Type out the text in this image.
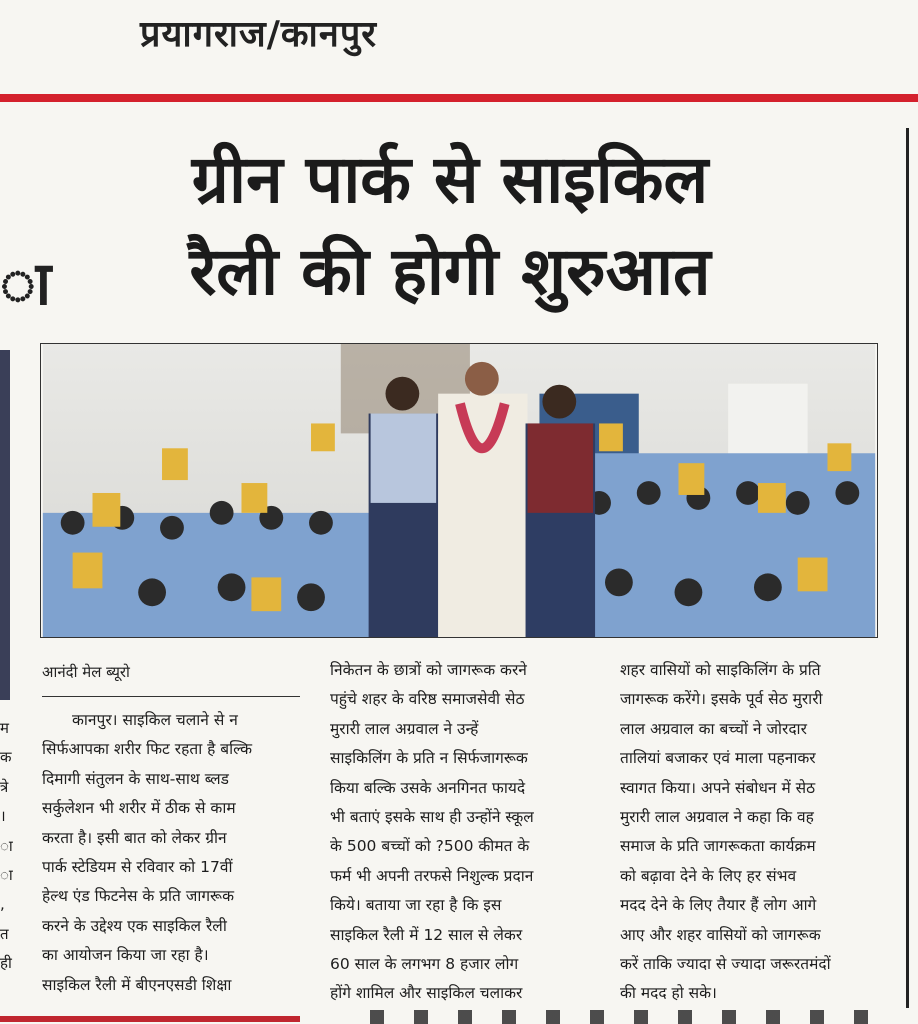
प्रयागराज/कानपुर
ा
ग्रीन पार्क से साइकिल
रैली की होगी शुरुआत
आनंदी मेल ब्यूरो
म
क
त्रे
।
ा
ा
,
त
ही
कानपुर। साइकिल चलाने से न
सिर्फआपका शरीर फिट रहता है बल्कि
दिमागी संतुलन के साथ-साथ ब्लड
सर्कुलेशन भी शरीर में ठीक से काम
करता है। इसी बात को लेकर ग्रीन
पार्क स्टेडियम से रविवार को 17वीं
हेल्थ एंड फिटनेस के प्रति जागरूक
करने के उद्देश्य एक साइकिल रैली
का आयोजन किया जा रहा है।
साइकिल रैली में बीएनएसडी शिक्षा
निकेतन के छात्रों को जागरूक करने
पहुंचे शहर के वरिष्ठ समाजसेवी सेठ
मुरारी लाल अग्रवाल ने उन्हें
साइकिलिंग के प्रति न सिर्फजागरूक
किया बल्कि उसके अनगिनत फायदे
भी बताएं इसके साथ ही उन्होंने स्कूल
के 500 बच्चों को ?500 कीमत के
फर्म भी अपनी तरफसे निशुल्क प्रदान
किये। बताया जा रहा है कि इस
साइकिल रैली में 12 साल से लेकर
60 साल के लगभग 8 हजार लोग
होंगे शामिल और साइकिल चलाकर
शहर वासियों को साइकिलिंग के प्रति
जागरूक करेंगे। इसके पूर्व सेठ मुरारी
लाल अग्रवाल का बच्चों ने जोरदार
तालियां बजाकर एवं माला पहनाकर
स्वागत किया। अपने संबोधन में सेठ
मुरारी लाल अग्रवाल ने कहा कि वह
समाज के प्रति जागरूकता कार्यक्रम
को बढ़ावा देने के लिए हर संभव
मदद देने के लिए तैयार हैं लोग आगे
आए और शहर वासियों को जागरूक
करें ताकि ज्यादा से ज्यादा जरूरतमंदों
की मदद हो सके।
